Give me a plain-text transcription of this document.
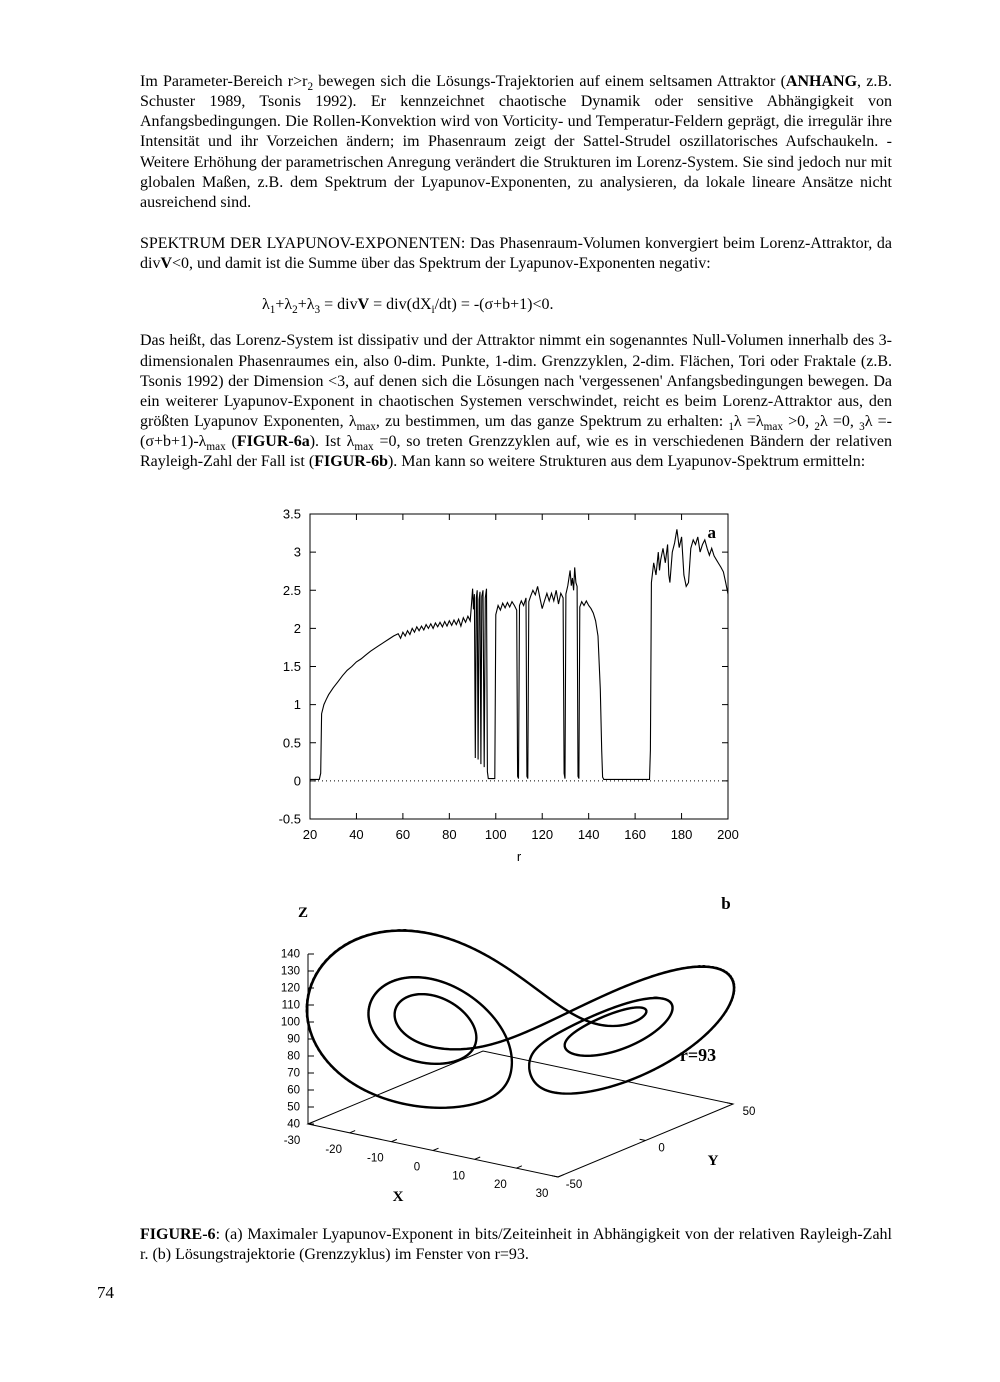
Im Parameter-Bereich $r>r_2$ bewegen sich die Lösungs-Trajektorien auf einem seltsamen Attraktor (ANHANG, z.B. Schuster 1989, Tsonis 1992). Er kennzeichnet chaotische Dynamik oder sensitive Abhängigkeit von Anfangsbedingungen. Die Rollen-Konvektion wird von Vorticity- und Temperatur-Feldern geprägt, die irregulär ihre Intensität und ihr Vorzeichen ändern; im Phasenraum zeigt der Sattel-Strudel oszillatorisches Aufschaukeln. - Weitere Erhöhung der parametrischen Anregung verändert die Strukturen im Lorenz-System. Sie sind jedoch nur mit globalen Maßen, z.B. dem Spektrum der Lyapunov-Exponenten, zu analysieren, da lokale lineare Ansätze nicht ausreichend sind.

SPEKTRUM DER LYAPUNOV-EXPONENTEN: Das Phasenraum-Volumen konvergiert beim Lorenz-Attraktor, da divV<0, und damit ist die Summe über das Spektrum der Lyapunov-Exponenten negativ:

$\lambda_1+\lambda_2+\lambda_3$ = divV = $div(dX_i/dt) = -(\sigma+b+1)<0$.

Das heißt, das Lorenz-System ist dissipativ und der Attraktor nimmt ein sogenanntes Null-Volumen innerhalb des 3-dimensionalen Phasenraumes ein, also 0-dim. Punkte, 1-dim. Grenzzyklen, 2-dim. Flächen, Tori oder Fraktale (z.B. Tsonis 1992) der Dimension <3, auf denen sich die Lösungen nach 'vergessenen' Anfangsbedingungen bewegen. Da ein weiterer Lyapunov-Exponent in chaotischen Systemen verschwindet, reicht es beim Lorenz-Attraktor aus, den größten Lyapunov Exponenten, $\lambda_{max}$, zu bestimmen, um das ganze Spektrum zu erhalten: $_1\lambda =\lambda_{max} >0$, $_2$λ =0, $_3\lambda =-(\sigma+b+1)-\lambda_{max}$ (FIGUR-6a). Ist $\lambda_{max} =0$, so treten Grenzzyklen auf, wie es in verschiedenen Bändern der relativen Rayleigh-Zahl der Fall ist (FIGUR-6b). Man kann so weitere Strukturen aus dem Lyapunov-Spektrum ermitteln:

20 40 60 80 100 120 140 160 180 200
-0.5
0
0.5
1
1.5
2
2.5
3
3.5
r
a
40
50
60
70
80
90
100
110
120
130
140
-30
-20
-10
0
10
20
30
-50
0
50
Z
X
Y
r=93
b

FIGURE-6: (a) Maximaler Lyapunov-Exponent in bits/Zeiteinheit in Abhängigkeit von der relativen Rayleigh-Zahl r. (b) Lösungstrajektorie (Grenzzyklus) im Fenster von r=93.

74
